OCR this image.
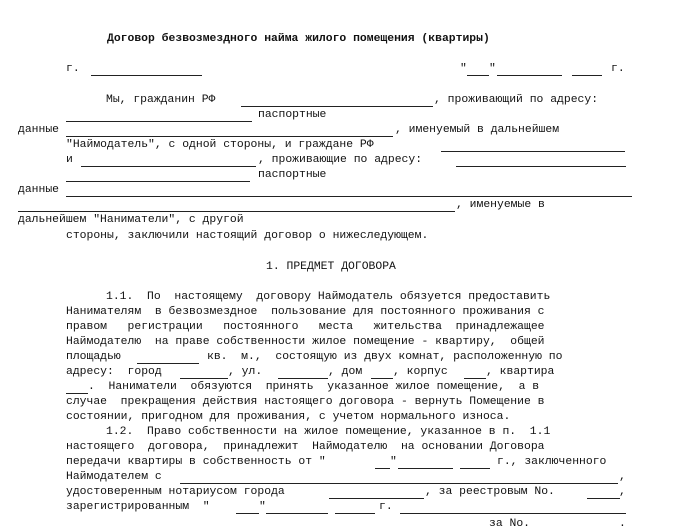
Договор безвозмездного найма жилого помещения (квартиры)
г.	" "	г.
Мы, гражданин РФ	, проживающий по адресу:
паспортные
данные	, именуемый в дальнейшем
"Наймодатель", с одной стороны, и граждане РФ
и	, проживающие по адресу:
паспортные
данные
, именуемые в
дальнейшем "Наниматели", с другой
стороны, заключили настоящий договор о нижеследующем.
1. ПРЕДМЕТ ДОГОВОРА
1.1.  По  настоящему  договору Наймодатель обязуется предоставить
Нанимателям  в безвозмездное  пользование для постоянного проживания с
правом   регистрации   постоянного   места   жительства  принадлежащее
Наймодателю  на праве собственности жилое помещение - квартиру,  общей
площадью	кв.  м.,  состоящую из двух комнат, расположенную по
адресу:  город	, ул.	, дом	, корпус	, квартира
.  Наниматели  обязуются  принять  указанное жилое помещение,  а в
случае  прекращения действия настоящего договора - вернуть Помещение в
состоянии, пригодном для проживания, с учетом нормального износа.
1.2.  Право собственности на жилое помещение, указанное в п.  1.1
настоящего  договора,  принадлежит  Наймодателю  на основании Договора
передачи квартиры в собственность от "	"	г., заключенного
Наймодателем с	,
удостоверенным нотариусом города	, за реестровым No.	,
зарегистрированным  "	"	г.
за No.	.
